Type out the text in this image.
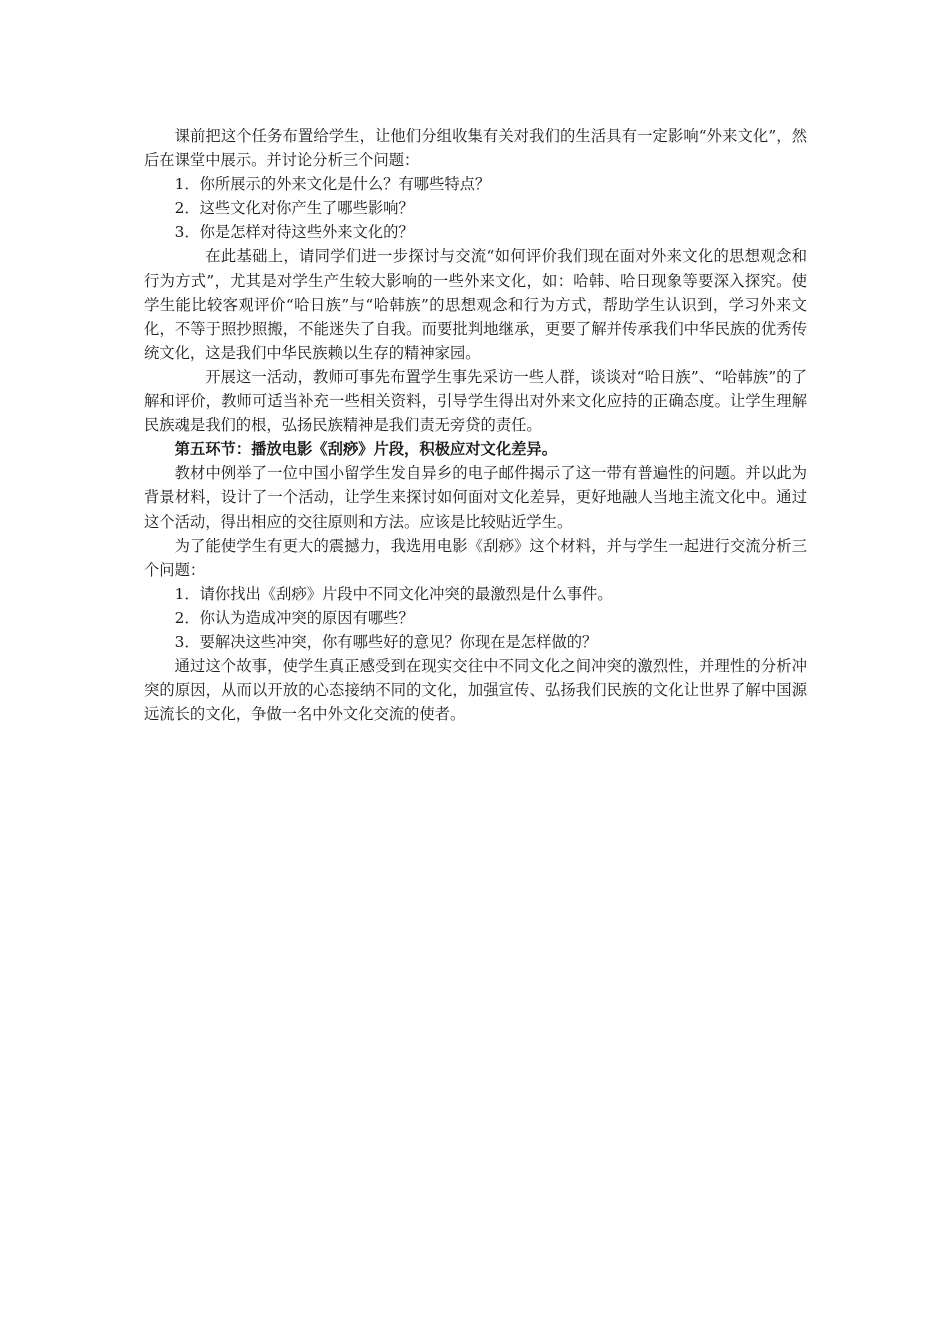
课前把这个任务布置给学生，让他们分组收集有关对我们的生活具有一定影响“外来文化”，然后在课堂中展示。并讨论分析三个问题：

1．你所展示的外来文化是什么？有哪些特点？

2．这些文化对你产生了哪些影响？

3．你是怎样对待这些外来文化的？

在此基础上，请同学们进一步探讨与交流“如何评价我们现在面对外来文化的思想观念和行为方式”，尤其是对学生产生较大影响的一些外来文化，如：哈韩、哈日现象等要深入探究。使学生能比较客观评价“哈日族”与“哈韩族”的思想观念和行为方式，帮助学生认识到，学习外来文化，不等于照抄照搬，不能迷失了自我。而要批判地继承，更要了解并传承我们中华民族的优秀传统文化，这是我们中华民族赖以生存的精神家园。

开展这一活动，教师可事先布置学生事先采访一些人群，谈谈对“哈日族”、“哈韩族”的了解和评价，教师可适当补充一些相关资料，引导学生得出对外来文化应持的正确态度。让学生理解民族魂是我们的根，弘扬民族精神是我们责无旁贷的责任。

第五环节：播放电影《刮痧》片段，积极应对文化差异。

教材中例举了一位中国小留学生发自异乡的电子邮件揭示了这一带有普遍性的问题。并以此为背景材料，设计了一个活动，让学生来探讨如何面对文化差异，更好地融人当地主流文化中。通过这个活动，得出相应的交往原则和方法。应该是比较贴近学生。

为了能使学生有更大的震撼力，我选用电影《刮痧》这个材料，并与学生一起进行交流分析三个问题：

1．请你找出《刮痧》片段中不同文化冲突的最激烈是什么事件。

2．你认为造成冲突的原因有哪些？

3．要解决这些冲突，你有哪些好的意见？你现在是怎样做的？

通过这个故事，使学生真正感受到在现实交往中不同文化之间冲突的激烈性，并理性的分析冲突的原因，从而以开放的心态接纳不同的文化，加强宣传、弘扬我们民族的文化让世界了解中国源远流长的文化，争做一名中外文化交流的使者。
